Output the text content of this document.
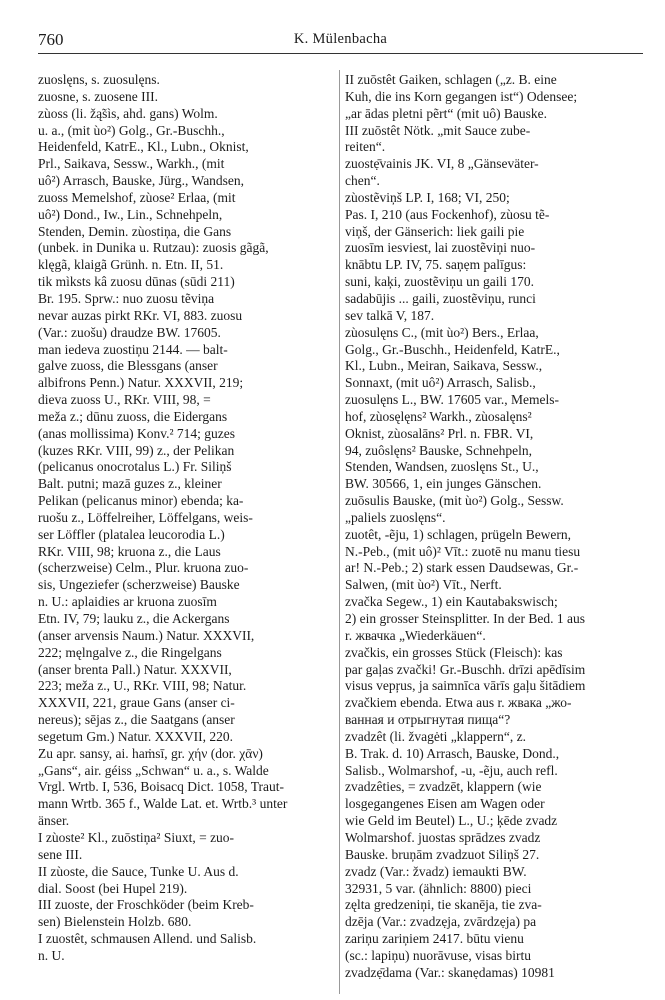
760	K. Mülenbacha

zuoslęns, s. zuosulęns.
zuosne, s. zuosene III.
zùoss (li. žą̃sìs, ahd. gans) Wolm.
u. a., (mit ùo²) Golg., Gr.-Buschh.,
Heidenfeld, KatrE., Kl., Lubn., Oknist,
Prl., Saikava, Sessw., Warkh., (mit
uô²) Arrasch, Bauske, Jürg., Wandsen,
zuoss Memelshof, zùose² Erlaa, (mit
uô²) Dond., Iw., Lin., Schnehpeln,
Stenden, Demin. zùostiņa, die Gans
(unbek. in Dunika u. Rutzau): zuosis gãgã,
klęgã, klaigã Grünh. n. Etn. II, 51.
tik mìksts kâ zuosu dūnas (sūdi 211)
Br. 195. Sprw.: nuo zuosu tẽviņa
nevar auzas pirkt RKr. VI, 883. zuosu
(Var.: zuošu) draudze BW. 17605.
man iedeva zuostiņu 2144. — balt-
galve zuoss, die Blessgans (anser
albifrons Penn.) Natur. XXXVII, 219;
dieva zuoss U., RKr. VIII, 98, =
meža z.; dūnu zuoss, die Eidergans
(anas mollissima) Konv.² 714; guzes
(kuzes RKr. VIII, 99) z., der Pelikan
(pelicanus onocrotalus L.) Fr. Siliņš
Balt. putni; mazā guzes z., kleiner
Pelikan (pelicanus minor) ebenda; ka-
ruošu z., Löffelreiher, Löffelgans, weis-
ser Löffler (platalea leucorodia L.)
RKr. VIII, 98; kruona z., die Laus
(scherzweise) Celm., Plur. kruona zuo-
sis, Ungeziefer (scherzweise) Bauske
n. U.: aplaidies ar kruona zuosīm
Etn. IV, 79; lauku z., die Ackergans
(anser arvensis Naum.) Natur. XXXVII,
222; męlngalve z., die Ringelgans
(anser brenta Pall.) Natur. XXXVII,
223; meža z., U., RKr. VIII, 98; Natur.
XXXVII, 221, graue Gans (anser ci-
nereus); sējas z., die Saatgans (anser
segetum Gm.) Natur. XXXVII, 220.
Zu apr. sansy, ai. haṁsī, gr. χήν (dor. χᾱν)
„Gans“, air. géiss „Schwan“ u. a., s. Walde
Vrgl. Wrtb. I, 536, Boisacq Dict. 1058, Traut-
mann Wrtb. 365 f., Walde Lat. et. Wrtb.³ unter
änser.

I zùoste² Kl., zuōstiņa² Siuxt, = zuo-
sene III.

II zùoste, die Sauce, Tunke U. Aus d.
dial. Soost (bei Hupel 219).

III zuoste, der Froschköder (beim Kreb-
sen) Bielenstein Holzb. 680.

I zuostêt, schmausen Allend. und Salisb.
n. U.

II zuōstêt Gaiken, schlagen („z. B. eine
Kuh, die ins Korn gegangen ist“) Odensee;
„ar ādas pletni pẽrt“ (mit uô) Bauske.

III zuōstêt Nötk. „mit Sauce zube-
reiten“.

zuostẹ̄vainis JK. VI, 8 „Gänseväter-
chen“.

zùostẽviņš LP. I, 168; VI, 250;
Pas. I, 210 (aus Fockenhof), zùosu tẽ-
viņš, der Gänserich: liek gaili pie
zuosīm iesviest, lai zuostẽviņi nuo-
knābtu LP. IV, 75. saņẹm palīgus:
suni, kaķi, zuostẽviņu un gaili 170.
sadabūjis ... gaili, zuostẽviņu, runci
sev talkā V, 187.

zùosulęns C., (mit ùo²) Bers., Erlaa,
Golg., Gr.-Buschh., Heidenfeld, KatrE.,
Kl., Lubn., Meiran, Saikava, Sessw.,
Sonnaxt, (mit uô²) Arrasch, Salisb.,
zuosulęns L., BW. 17605 var., Memels-
hof, zùosęlęns² Warkh., zùosalęns²
Oknist, zùosalāns² Prl. n. FBR. VI,
94, zuôslęns² Bauske, Schnehpeln,
Stenden, Wandsen, zuoslęns St., U.,
BW. 30566, 1, ein junges Gänschen.

zuōsulis Bauske, (mit ùo²) Golg., Sessw.
„paliels zuoslęns“.

zuotêt, -ẽju, 1) schlagen, prügeln Bewern,
N.-Peb., (mit uô)² Vīt.: zuotē nu manu tiesu
ar! N.-Peb.; 2) stark essen Daudsewas, Gr.-
Salwen, (mit ùo²) Vīt., Nerft.

zvačka Segew., 1) ein Kautabakswisch;
2) ein grosser Steinsplitter. In der Bed. 1 aus
r. жвачка „Wiederkäuen“.

zvačkis, ein grosses Stück (Fleisch): kas
par gaļas zvački! Gr.-Buschh. drīzi apēdīsim
visus vepŗus, ja saimnīca vārīs gaļu šitādiem
zvačkiem ebenda. Etwa aus r. жвака „жо-
ванная и отрыгнутая пища“?

zvadzêt (li. žvagėti „klappern“, z.
B. Trak. d. 10) Arrasch, Bauske, Dond.,
Salisb., Wolmarshof, -u, -ẽju, auch refl.
zvadzêties, = zvadzēt, klappern (wie
losgegangenes Eisen am Wagen oder
wie Geld im Beutel) L., U.; ķēde zvadz
Wolmarshof. juostas sprādzes zvadz
Bauske. bruņām zvadzuot Siliņš 27.
zvadz (Var.: žvadz) iemaukti BW.
32931, 5 var. (ähnlich: 8800) pieci
zęlta gredzeniņi, tie skanēja, tie zva-
dzēja (Var.: zvadzẹja, zvārdzẹja) pa
zariņu zariņiem 2417. būtu vienu
(sc.: lapiņu) nuorāvuse, visas birtu
zvadzẹ̄dama (Var.: skanẹdamas) 10981
